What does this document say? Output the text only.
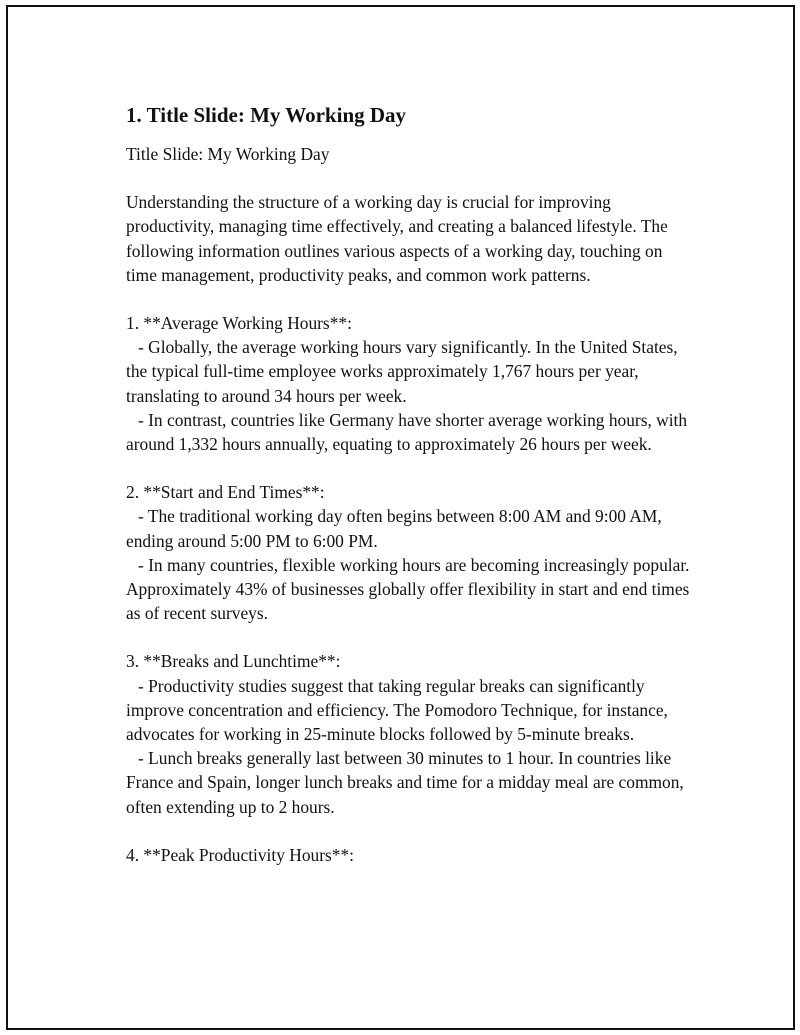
1. Title Slide: My Working Day

Title Slide: My Working Day

Understanding the structure of a working day is crucial for improving productivity, managing time effectively, and creating a balanced lifestyle. The following information outlines various aspects of a working day, touching on time management, productivity peaks, and common work patterns.

1. **Average Working Hours**:

- Globally, the average working hours vary significantly. In the United States, the typical full-time employee works approximately 1,767 hours per year, translating to around 34 hours per week.

- In contrast, countries like Germany have shorter average working hours, with around 1,332 hours annually, equating to approximately 26 hours per week.

2. **Start and End Times**:

- The traditional working day often begins between 8:00 AM and 9:00 AM, ending around 5:00 PM to 6:00 PM.

- In many countries, flexible working hours are becoming increasingly popular. Approximately 43% of businesses globally offer flexibility in start and end times as of recent surveys.

3. **Breaks and Lunchtime**:

- Productivity studies suggest that taking regular breaks can significantly improve concentration and efficiency. The Pomodoro Technique, for instance, advocates for working in 25-minute blocks followed by 5-minute breaks.

- Lunch breaks generally last between 30 minutes to 1 hour. In countries like France and Spain, longer lunch breaks and time for a midday meal are common, often extending up to 2 hours.

4. **Peak Productivity Hours**:
